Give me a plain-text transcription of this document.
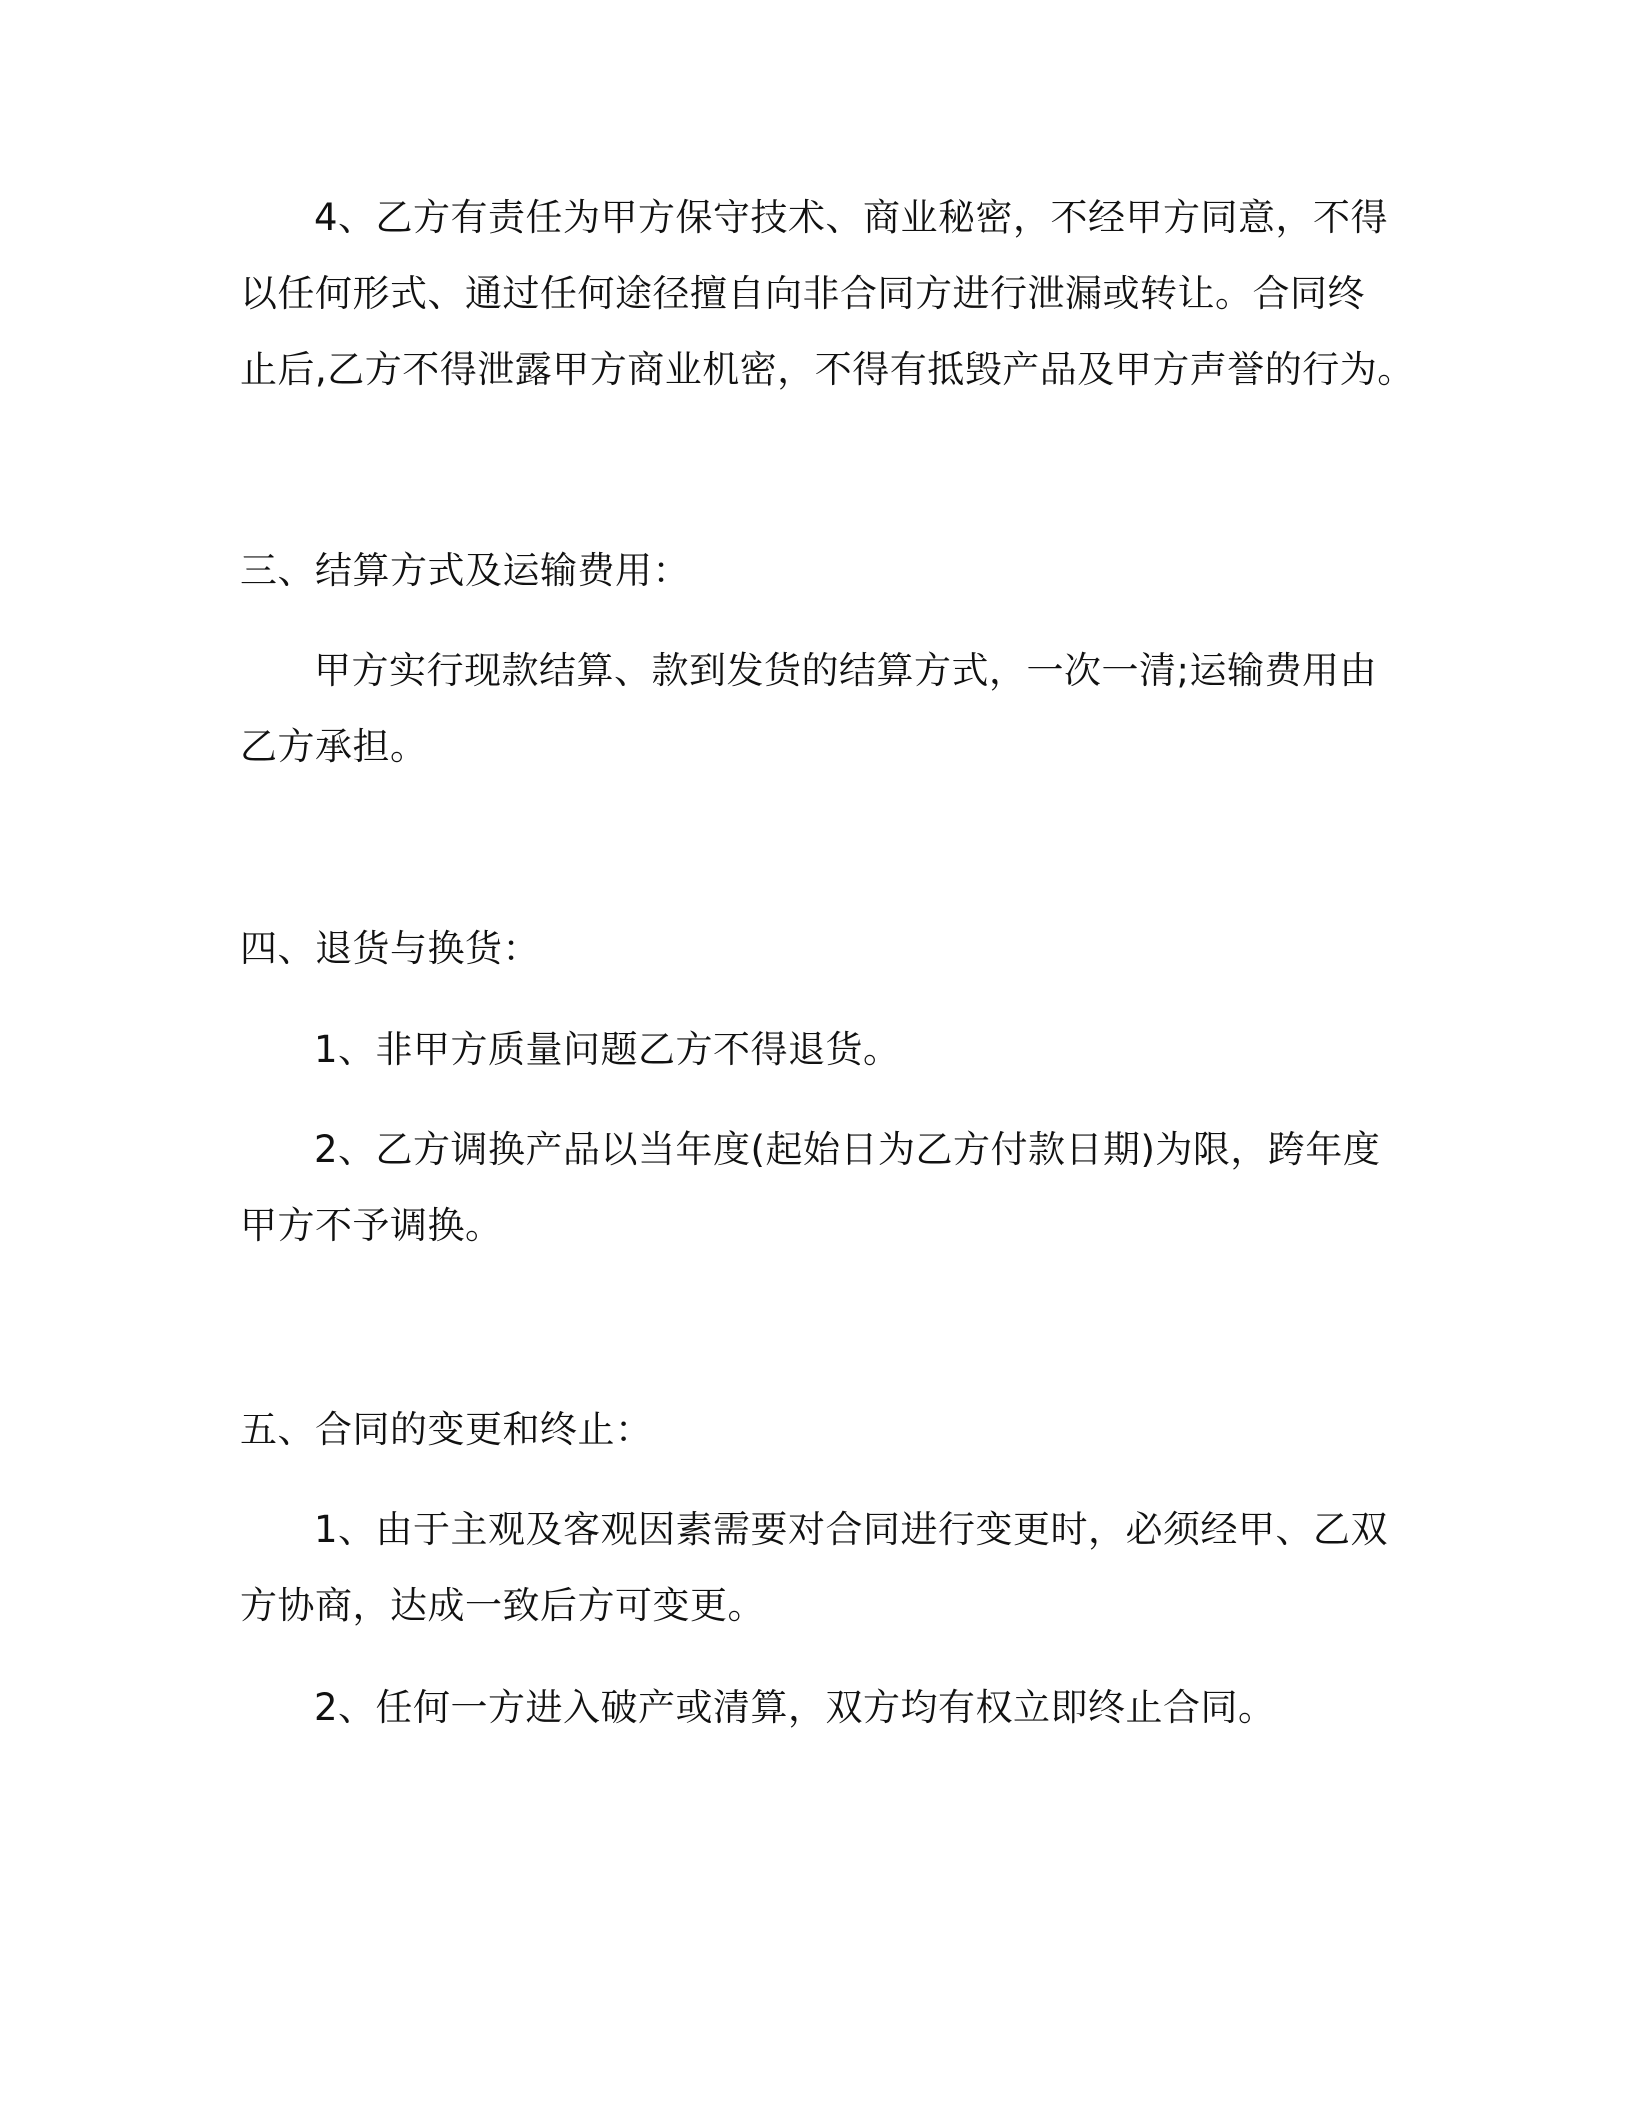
4、乙方有责任为甲方保守技术、商业秘密，不经甲方同意，不得
以任何形式、通过任何途径擅自向非合同方进行泄漏或转让。合同终
止后,乙方不得泄露甲方商业机密，不得有抵毁产品及甲方声誉的行为。
三、结算方式及运输费用：
甲方实行现款结算、款到发货的结算方式，一次一清;运输费用由
乙方承担。
四、退货与换货：
1、非甲方质量问题乙方不得退货。
2、乙方调换产品以当年度(起始日为乙方付款日期)为限，跨年度
甲方不予调换。
五、合同的变更和终止：
1、由于主观及客观因素需要对合同进行变更时，必须经甲、乙双
方协商，达成一致后方可变更。
2、任何一方进入破产或清算，双方均有权立即终止合同。
